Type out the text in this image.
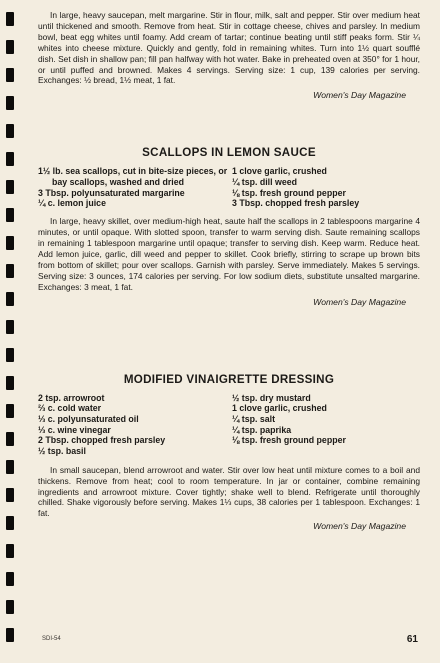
In large, heavy saucepan, melt margarine. Stir in flour, milk, salt and pepper. Stir over medium heat until thickened and smooth. Remove from heat. Stir in cottage cheese, chives and parsley. In medium bowl, beat egg whites until foamy. Add cream of tartar; continue beating until stiff peaks form. Stir ¼ whites into cheese mixture. Quickly and gently, fold in remaining whites. Turn into 1½ quart soufflé dish. Set dish in shallow pan; fill pan halfway with hot water. Bake in preheated oven at 350° for 1 hour, or until puffed and browned. Makes 4 servings. Serving size: 1 cup, 139 calories per serving. Exchanges: ½ bread, 1½ meat, 1 fat.

Women's Day Magazine
SCALLOPS IN LEMON SAUCE
1½ lb. sea scallops, cut in bite-size pieces, or bay scallops, washed and dried
3 Tbsp. polyunsaturated margarine
¼ c. lemon juice
1 clove garlic, crushed
¼ tsp. dill weed
⅛ tsp. fresh ground pepper
3 Tbsp. chopped fresh parsley

In large, heavy skillet, over medium-high heat, saute half the scallops in 2 tablespoons margarine 4 minutes, or until opaque. With slotted spoon, transfer to warm serving dish. Saute remaining scallops in remaining 1 tablespoon margarine until opaque; transfer to serving dish. Keep warm. Reduce heat. Add lemon juice, garlic, dill weed and pepper to skillet. Cook briefly, stirring to scrape up brown bits from bottom of skillet; pour over scallops. Garnish with parsley. Serve immediately. Makes 5 servings. Serving size: 3 ounces, 174 calories per serving. For low sodium diets, substitute unsalted margarine. Exchanges: 3 meat, 1 fat.

Women's Day Magazine
MODIFIED VINAIGRETTE DRESSING
2 tsp. arrowroot
⅔ c. cold water
⅓ c. polyunsaturated oil
⅓ c. wine vinegar
2 Tbsp. chopped fresh parsley
½ tsp. basil
½ tsp. dry mustard
1 clove garlic, crushed
¼ tsp. salt
¼ tsp. paprika
⅛ tsp. fresh ground pepper

In small saucepan, blend arrowroot and water. Stir over low heat until mixture comes to a boil and thickens. Remove from heat; cool to room temperature. In jar or container, combine remaining ingredients and arrowroot mixture. Cover tightly; shake well to blend. Refrigerate until thoroughly chilled. Shake vigorously before serving. Makes 1⅓ cups, 38 calories per 1 tablespoon. Exchanges: 1 fat.

Women's Day Magazine
SDI-54	61
